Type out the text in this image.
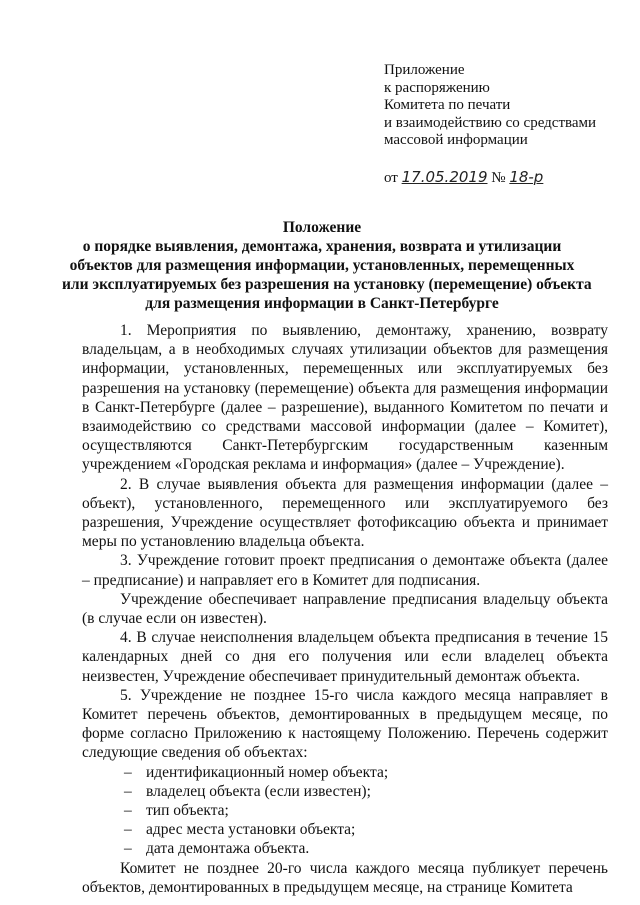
Приложение
к распоряжению
Комитета по печати
и взаимодействию со средствами
массовой информации
от 17.05.2019 № 18-р
Положение
о порядке выявления, демонтажа, хранения, возврата и утилизации
объектов для размещения информации, установленных, перемещенных
или эксплуатируемых без разрешения на установку (перемещение) объекта
для размещения информации в Санкт-Петербурге

1. Мероприятия по выявлению, демонтажу, хранению, возврату владельцам, а в необходимых случаях утилизации объектов для размещения информации, установленных, перемещенных или эксплуатируемых без разрешения на установку (перемещение) объекта для размещения информации в Санкт-Петербурге (далее – разрешение), выданного Комитетом по печати и взаимодействию со средствами массовой информации (далее – Комитет), осуществляются Санкт-Петербургским государственным казенным учреждением «Городская реклама и информация» (далее – Учреждение).

2. В случае выявления объекта для размещения информации (далее – объект), установленного, перемещенного или эксплуатируемого без разрешения, Учреждение осуществляет фотофиксацию объекта и принимает меры по установлению владельца объекта.

3. Учреждение готовит проект предписания о демонтаже объекта (далее – предписание) и направляет его в Комитет для подписания.

Учреждение обеспечивает направление предписания владельцу объекта (в случае если он известен).

4. В случае неисполнения владельцем объекта предписания в течение 15 календарных дней со дня его получения или если владелец объекта неизвестен, Учреждение обеспечивает принудительный демонтаж объекта.

5. Учреждение не позднее 15-го числа каждого месяца направляет в Комитет перечень объектов, демонтированных в предыдущем месяце, по форме согласно Приложению к настоящему Положению. Перечень содержит следующие сведения об объектах:

– идентификационный номер объекта;
– владелец объекта (если известен);
– тип объекта;
– адрес места установки объекта;
– дата демонтажа объекта.

Комитет не позднее 20-го числа каждого месяца публикует перечень объектов, демонтированных в предыдущем месяце, на странице Комитета
